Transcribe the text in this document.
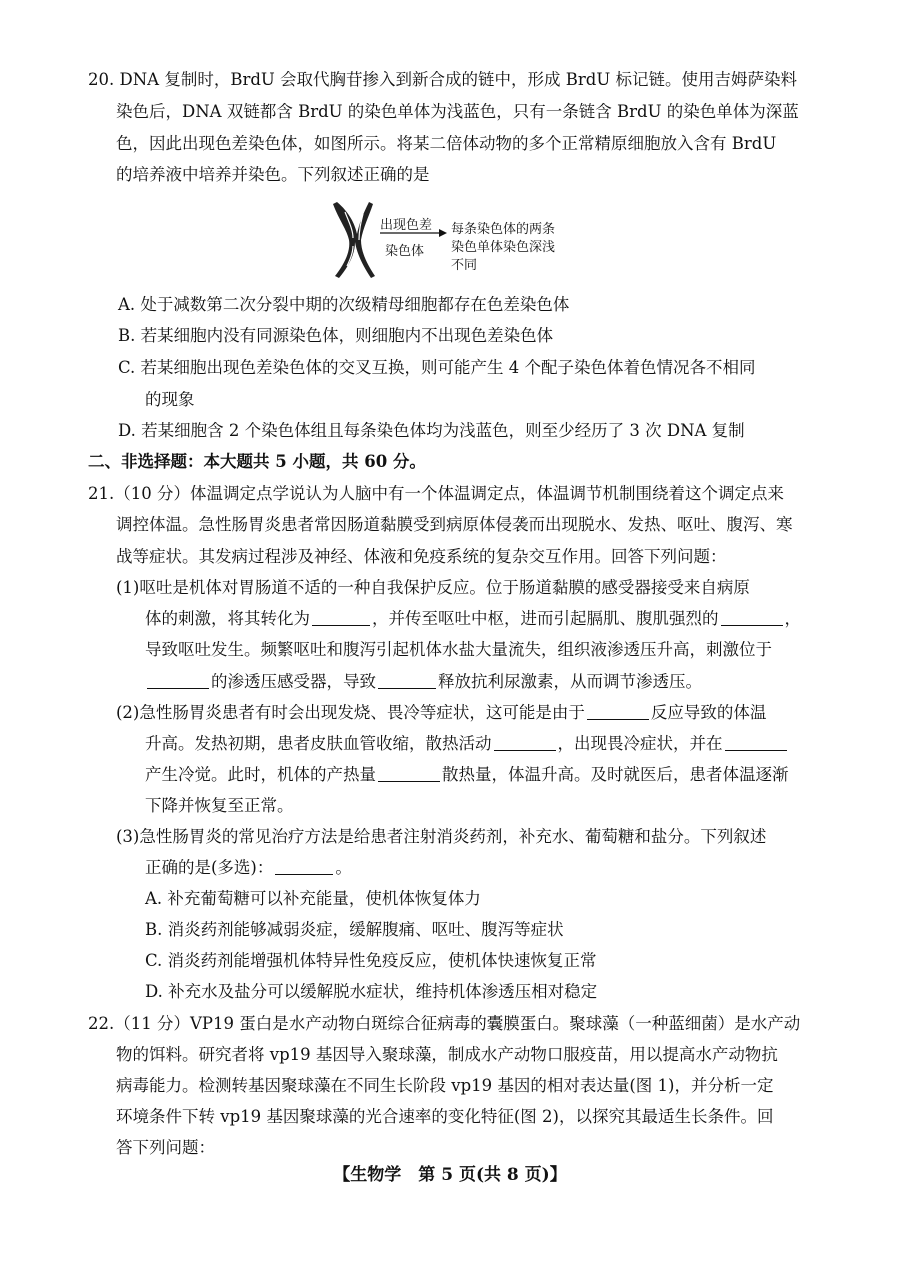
20. DNA 复制时，BrdU 会取代胸苷掺入到新合成的链中，形成 BrdU 标记链。使用吉姆萨染料
染色后，DNA 双链都含 BrdU 的染色单体为浅蓝色，只有一条链含 BrdU 的染色单体为深蓝
色，因此出现色差染色体，如图所示。将某二倍体动物的多个正常精原细胞放入含有 BrdU
的培养液中培养并染色。下列叙述正确的是
出现色差
染色体
每条染色体的两条
染色单体染色深浅
不同
A. 处于减数第二次分裂中期的次级精母细胞都存在色差染色体
B. 若某细胞内没有同源染色体，则细胞内不出现色差染色体
C. 若某细胞出现色差染色体的交叉互换，则可能产生 4 个配子染色体着色情况各不相同
的现象
D. 若某细胞含 2 个染色体组且每条染色体均为浅蓝色，则至少经历了 3 次 DNA 复制
二、非选择题：本大题共 5 小题，共 60 分。
21.（10 分）体温调定点学说认为人脑中有一个体温调定点，体温调节机制围绕着这个调定点来
调控体温。急性肠胃炎患者常因肠道黏膜受到病原体侵袭而出现脱水、发热、呕吐、腹泻、寒
战等症状。其发病过程涉及神经、体液和免疫系统的复杂交互作用。回答下列问题：
(1)呕吐是机体对胃肠道不适的一种自我保护反应。位于肠道黏膜的感受器接受来自病原
体的刺激，将其转化为	，并传至呕吐中枢，进而引起膈肌、腹肌强烈的	，
导致呕吐发生。频繁呕吐和腹泻引起机体水盐大量流失，组织液渗透压升高，刺激位于
的渗透压感受器，导致	释放抗利尿激素，从而调节渗透压。
(2)急性肠胃炎患者有时会出现发烧、畏冷等症状，这可能是由于	反应导致的体温
升高。发热初期，患者皮肤血管收缩，散热活动	，出现畏冷症状，并在
产生冷觉。此时，机体的产热量	散热量，体温升高。及时就医后，患者体温逐渐
下降并恢复至正常。
(3)急性肠胃炎的常见治疗方法是给患者注射消炎药剂，补充水、葡萄糖和盐分。下列叙述
正确的是(多选)：	。
A. 补充葡萄糖可以补充能量，使机体恢复体力
B. 消炎药剂能够减弱炎症，缓解腹痛、呕吐、腹泻等症状
C. 消炎药剂能增强机体特异性免疫反应，使机体快速恢复正常
D. 补充水及盐分可以缓解脱水症状，维持机体渗透压相对稳定
22.（11 分）VP19 蛋白是水产动物白斑综合征病毒的囊膜蛋白。聚球藻（一种蓝细菌）是水产动
物的饵料。研究者将 vp19 基因导入聚球藻，制成水产动物口服疫苗，用以提高水产动物抗
病毒能力。检测转基因聚球藻在不同生长阶段 vp19 基因的相对表达量(图 1)，并分析一定
环境条件下转 vp19 基因聚球藻的光合速率的变化特征(图 2)，以探究其最适生长条件。回
答下列问题：
【生物学　第 5 页(共 8 页)】
